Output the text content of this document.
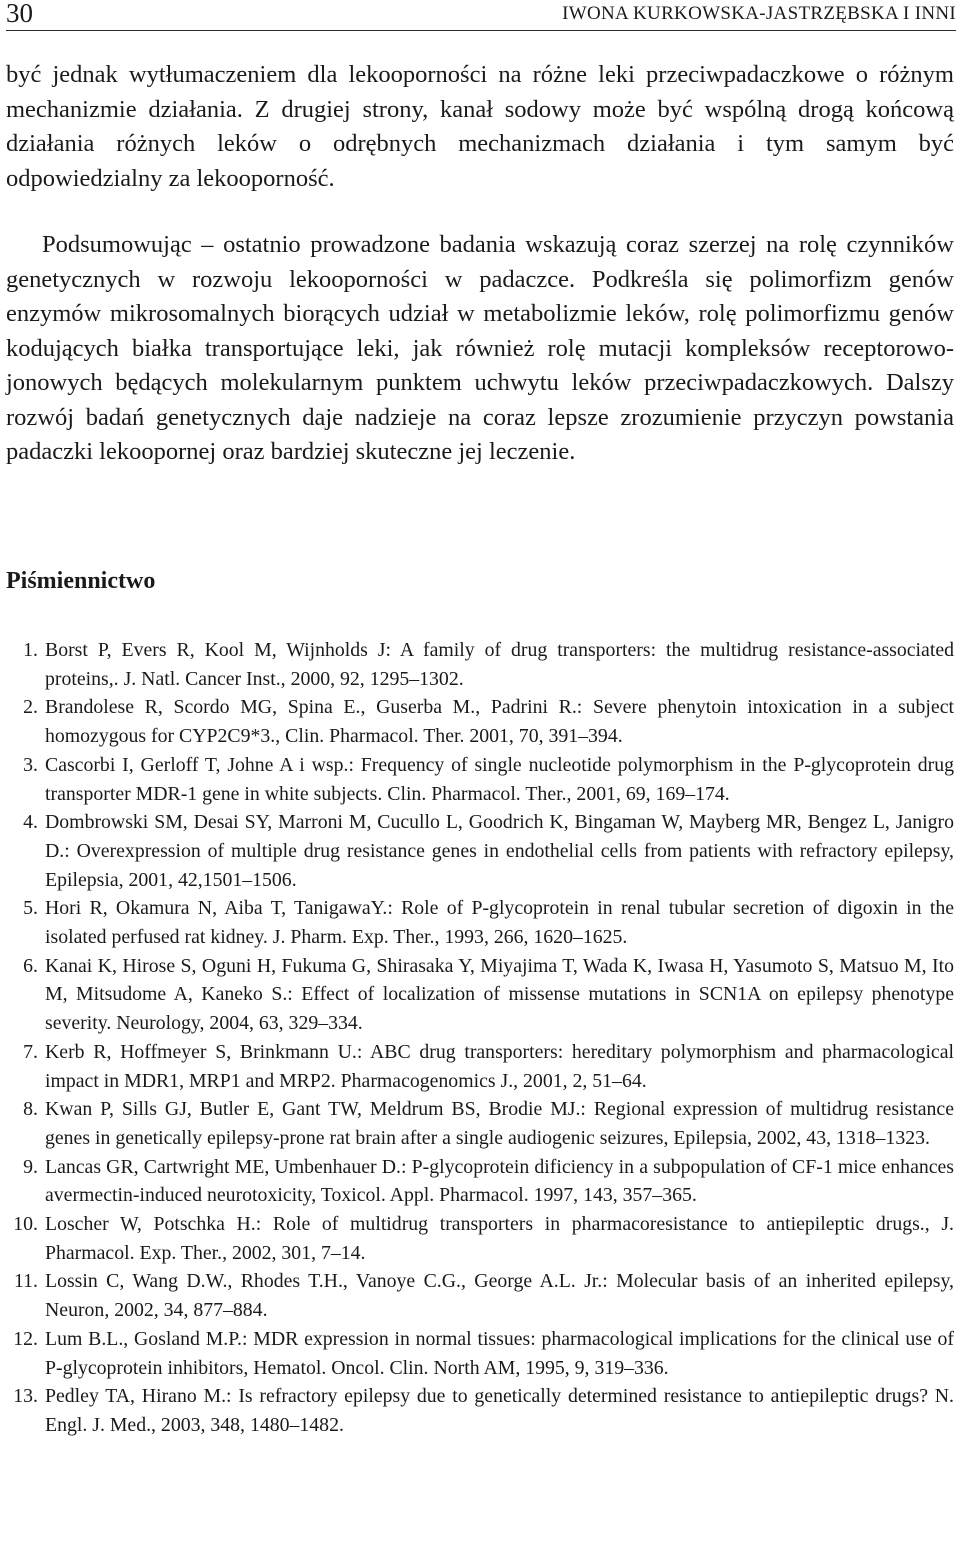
30	IWONA KURKOWSKA-JASTRZĘBSKA I INNI

być jednak wytłumaczeniem dla lekooporności na różne leki przeciwpadaczkowe o różnym mechanizmie działania. Z drugiej strony, kanał sodowy może być wspólną drogą końcową działania różnych leków o odrębnych mechanizmach działania i tym samym być odpowiedzialny za lekooporność.

Podsumowując – ostatnio prowadzone badania wskazują coraz szerzej na rolę czynników genetycznych w rozwoju lekooporności w padaczce. Podkreśla się polimorfizm genów enzymów mikrosomalnych biorących udział w metabolizmie leków, rolę polimorfizmu genów kodujących białka transportujące leki, jak również rolę mutacji kompleksów receptorowo-jonowych będących molekularnym punktem uchwytu leków przeciwpadaczkowych. Dalszy rozwój badań genetycznych daje nadzieje na coraz lepsze zrozumienie przyczyn powstania padaczki lekoopornej oraz bardziej skuteczne jej leczenie.

Piśmiennictwo
1. Borst P, Evers R, Kool M, Wijnholds J: A family of drug transporters: the multidrug resistance-associated proteins,. J. Natl. Cancer Inst., 2000, 92, 1295–1302.
2. Brandolese R, Scordo MG, Spina E., Guserba M., Padrini R.: Severe phenytoin intoxication in a subject homozygous for CYP2C9*3., Clin. Pharmacol. Ther. 2001, 70, 391–394.
3. Cascorbi I, Gerloff T, Johne A i wsp.: Frequency of single nucleotide polymorphism in the P-glycoprotein drug transporter MDR-1 gene in white subjects. Clin. Pharmacol. Ther., 2001, 69, 169–174.
4. Dombrowski SM, Desai SY, Marroni M, Cucullo L, Goodrich K, Bingaman W, Mayberg MR, Bengez L, Janigro D.: Overexpression of multiple drug resistance genes in endothelial cells from patients with refractory epilepsy, Epilepsia, 2001, 42,1501–1506.
5. Hori R, Okamura N, Aiba T, TanigawaY.: Role of P-glycoprotein in renal tubular secretion of digoxin in the isolated perfused rat kidney. J. Pharm. Exp. Ther., 1993, 266, 1620–1625.
6. Kanai K, Hirose S, Oguni H, Fukuma G, Shirasaka Y, Miyajima T, Wada K, Iwasa H, Yasumoto S, Matsuo M, Ito M, Mitsudome A, Kaneko S.: Effect of localization of missense mutations in SCN1A on epilepsy phenotype severity. Neurology, 2004, 63, 329–334.
7. Kerb R, Hoffmeyer S, Brinkmann U.: ABC drug transporters: hereditary polymorphism and pharmacological impact in MDR1, MRP1 and MRP2. Pharmacogenomics J., 2001, 2, 51–64.
8. Kwan P, Sills GJ, Butler E, Gant TW, Meldrum BS, Brodie MJ.: Regional expression of multidrug resistance genes in genetically epilepsy-prone rat brain after a single audiogenic seizures, Epilepsia, 2002, 43, 1318–1323.
9. Lancas GR, Cartwright ME, Umbenhauer D.: P-glycoprotein dificiency in a subpopulation of CF-1 mice enhances avermectin-induced neurotoxicity, Toxicol. Appl. Pharmacol. 1997, 143, 357–365.
10. Loscher W, Potschka H.: Role of multidrug transporters in pharmacoresistance to antiepileptic drugs., J. Pharmacol. Exp. Ther., 2002, 301, 7–14.
11. Lossin C, Wang D.W., Rhodes T.H., Vanoye C.G., George A.L. Jr.: Molecular basis of an inherited epilepsy, Neuron, 2002, 34, 877–884.
12. Lum B.L., Gosland M.P.: MDR expression in normal tissues: pharmacological implications for the clinical use of P-glycoprotein inhibitors, Hematol. Oncol. Clin. North AM, 1995, 9, 319–336.
13. Pedley TA, Hirano M.: Is refractory epilepsy due to genetically determined resistance to antiepileptic drugs? N. Engl. J. Med., 2003, 348, 1480–1482.
